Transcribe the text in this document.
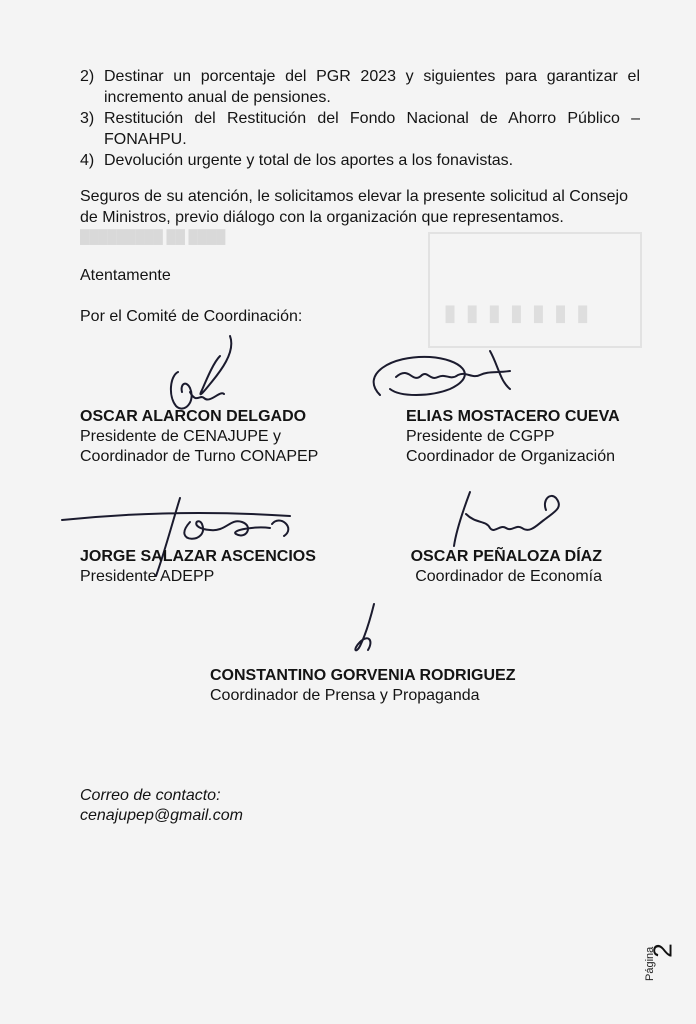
█████████ ██ ████
▮▮▮▮▮▮▮
2) Destinar un porcentaje del PGR 2023 y siguientes para garantizar el incremento anual de pensiones.
3) Restitución del Restitución del Fondo Nacional de Ahorro Público – FONAHPU.
4) Devolución urgente y total de los aportes a los fonavistas.

Seguros de su atención, le solicitamos elevar la presente solicitud al Consejo de Ministros, previo diálogo con la organización que representamos.

Atentamente

Por el Comité de Coordinación:

OSCAR ALARCON DELGADO
Presidente de CENAJUPE y
Coordinador de Turno CONAPEP
ELIAS MOSTACERO CUEVA
Presidente de CGPP
Coordinador de Organización
JORGE SALAZAR ASCENCIOS
Presidente ADEPP
OSCAR PEÑALOZA DÍAZ
Coordinador de Economía
CONSTANTINO GORVENIA RODRIGUEZ
Coordinador de Prensa y Propaganda
Correo de contacto:
cenajupep@gmail.com
Página
2
